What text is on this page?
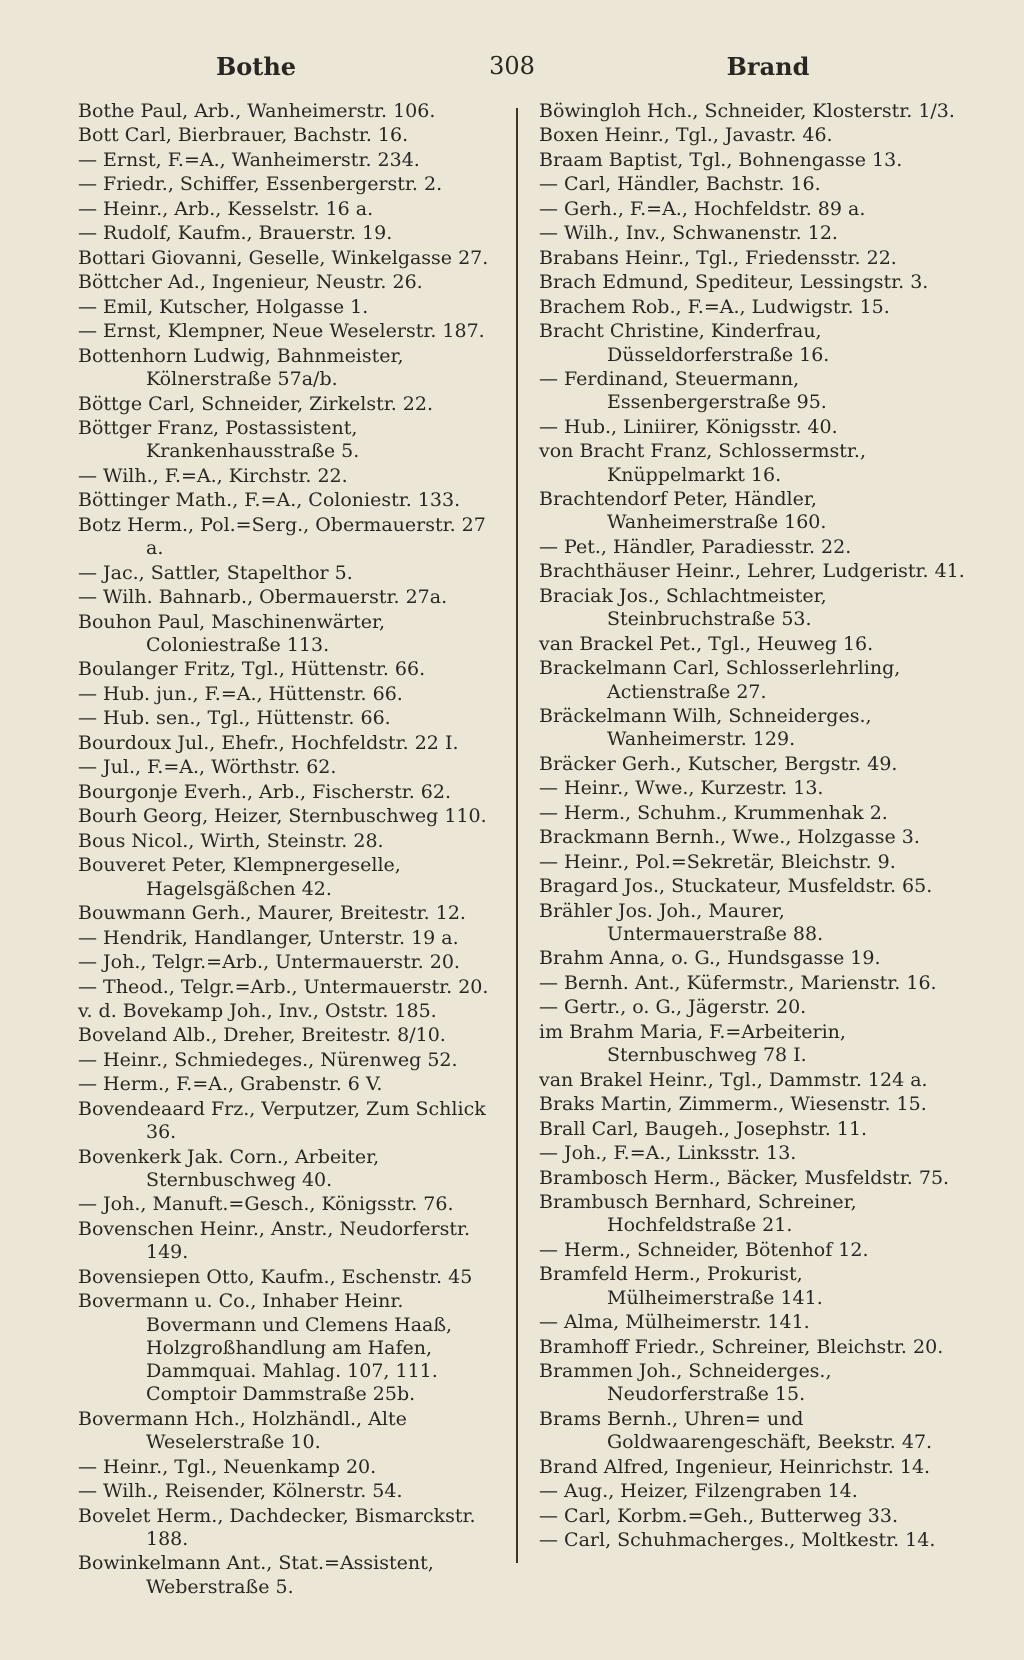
Bothe	308	Brand

Bothe Paul, Arb., Wanheimerstr. 106.

Bott Carl, Bierbrauer, Bachstr. 16.

— Ernst, F.=A., Wanheimerstr. 234.

— Friedr., Schiffer, Essenbergerstr. 2.

— Heinr., Arb., Kesselstr. 16 a.

— Rudolf, Kaufm., Brauerstr. 19.

Bottari Giovanni, Geselle, Winkelgasse 27.

Böttcher Ad., Ingenieur, Neustr. 26.

— Emil, Kutscher, Holgasse 1.

— Ernst, Klempner, Neue Weselerstr. 187.

Bottenhorn Ludwig, Bahnmeister, Kölnerstraße 57a/b.

Böttge Carl, Schneider, Zirkelstr. 22.

Böttger Franz, Postassistent, Krankenhausstraße 5.

— Wilh., F.=A., Kirchstr. 22.

Böttinger Math., F.=A., Coloniestr. 133.

Botz Herm., Pol.=Serg., Obermauerstr. 27 a.

— Jac., Sattler, Stapelthor 5.

— Wilh. Bahnarb., Obermauerstr. 27a.

Bouhon Paul, Maschinenwärter, Coloniestraße 113.

Boulanger Fritz, Tgl., Hüttenstr. 66.

— Hub. jun., F.=A., Hüttenstr. 66.

— Hub. sen., Tgl., Hüttenstr. 66.

Bourdoux Jul., Ehefr., Hochfeldstr. 22 I.

— Jul., F.=A., Wörthstr. 62.

Bourgonje Everh., Arb., Fischerstr. 62.

Bourh Georg, Heizer, Sternbuschweg 110.

Bous Nicol., Wirth, Steinstr. 28.

Bouveret Peter, Klempnergeselle, Hagelsgäßchen 42.

Bouwmann Gerh., Maurer, Breitestr. 12.

— Hendrik, Handlanger, Unterstr. 19 a.

— Joh., Telgr.=Arb., Untermauerstr. 20.

— Theod., Telgr.=Arb., Untermauerstr. 20.

v. d. Bovekamp Joh., Inv., Oststr. 185.

Boveland Alb., Dreher, Breitestr. 8/10.

— Heinr., Schmiedeges., Nürenweg 52.

— Herm., F.=A., Grabenstr. 6 V.

Bovendeaard Frz., Verputzer, Zum Schlick 36.

Bovenkerk Jak. Corn., Arbeiter, Sternbuschweg 40.

— Joh., Manuft.=Gesch., Königsstr. 76.

Bovenschen Heinr., Anstr., Neudorferstr. 149.

Bovensiepen Otto, Kaufm., Eschenstr. 45

Bovermann u. Co., Inhaber Heinr. Bovermann und Clemens Haaß, Holzgroßhandlung am Hafen, Dammquai. Mahlag. 107, 111. Comptoir Dammstraße 25b.

Bovermann Hch., Holzhändl., Alte Weselerstraße 10.

— Heinr., Tgl., Neuenkamp 20.

— Wilh., Reisender, Kölnerstr. 54.

Bovelet Herm., Dachdecker, Bismarckstr. 188.

Bowinkelmann Ant., Stat.=Assistent, Weberstraße 5.

Böwingloh Hch., Schneider, Klosterstr. 1/3.

Boxen Heinr., Tgl., Javastr. 46.

Braam Baptist, Tgl., Bohnengasse 13.

— Carl, Händler, Bachstr. 16.

— Gerh., F.=A., Hochfeldstr. 89 a.

— Wilh., Inv., Schwanenstr. 12.

Brabans Heinr., Tgl., Friedensstr. 22.

Brach Edmund, Spediteur, Lessingstr. 3.

Brachem Rob., F.=A., Ludwigstr. 15.

Bracht Christine, Kinderfrau, Düsseldorferstraße 16.

— Ferdinand, Steuermann, Essenbergerstraße 95.

— Hub., Liniirer, Königsstr. 40.

von Bracht Franz, Schlossermstr., Knüppelmarkt 16.

Brachtendorf Peter, Händler, Wanheimerstraße 160.

— Pet., Händler, Paradiesstr. 22.

Brachthäuser Heinr., Lehrer, Ludgeristr. 41.

Braciak Jos., Schlachtmeister, Steinbruchstraße 53.

van Brackel Pet., Tgl., Heuweg 16.

Brackelmann Carl, Schlosserlehrling, Actienstraße 27.

Bräckelmann Wilh, Schneiderges., Wanheimerstr. 129.

Bräcker Gerh., Kutscher, Bergstr. 49.

— Heinr., Wwe., Kurzestr. 13.

— Herm., Schuhm., Krummenhak 2.

Brackmann Bernh., Wwe., Holzgasse 3.

— Heinr., Pol.=Sekretär, Bleichstr. 9.

Bragard Jos., Stuckateur, Musfeldstr. 65.

Brähler Jos. Joh., Maurer, Untermauerstraße 88.

Brahm Anna, o. G., Hundsgasse 19.

— Bernh. Ant., Küfermstr., Marienstr. 16.

— Gertr., o. G., Jägerstr. 20.

im Brahm Maria, F.=Arbeiterin, Sternbuschweg 78 I.

van Brakel Heinr., Tgl., Dammstr. 124 a.

Braks Martin, Zimmerm., Wiesenstr. 15.

Brall Carl, Baugeh., Josephstr. 11.

— Joh., F.=A., Linksstr. 13.

Brambosch Herm., Bäcker, Musfeldstr. 75.

Brambusch Bernhard, Schreiner, Hochfeldstraße 21.

— Herm., Schneider, Bötenhof 12.

Bramfeld Herm., Prokurist, Mülheimerstraße 141.

— Alma, Mülheimerstr. 141.

Bramhoff Friedr., Schreiner, Bleichstr. 20.

Brammen Joh., Schneiderges., Neudorferstraße 15.

Brams Bernh., Uhren= und Goldwaarengeschäft, Beekstr. 47.

Brand Alfred, Ingenieur, Heinrichstr. 14.

— Aug., Heizer, Filzengraben 14.

— Carl, Korbm.=Geh., Butterweg 33.

— Carl, Schuhmacherges., Moltkestr. 14.
